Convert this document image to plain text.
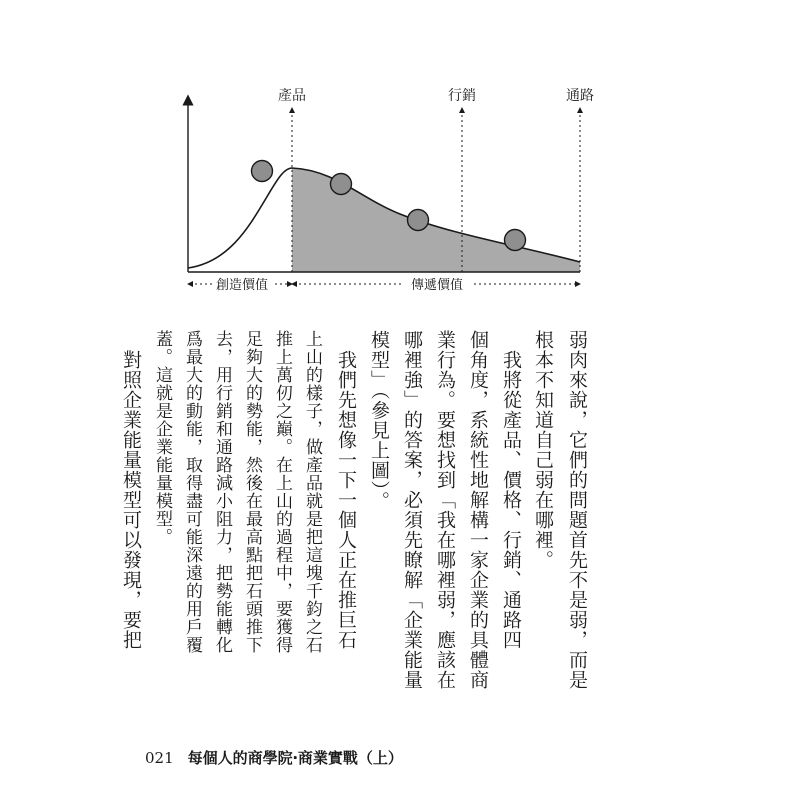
產品	行銷	通路
創造價值	傳遞價值
弱肉來說，它們的問題首先不是弱，而是
根本不知道自己弱在哪裡。
　我將從產品、價格、行銷、通路四
個角度，系統性地解構一家企業的具體商
業行為。要想找到「我在哪裡弱，應該在
哪裡強」的答案，必須先瞭解「企業能量
模型」（參見上圖）。
　我們先想像一下一個人正在推巨石
上山的樣子，做產品就是把這塊千鈞之石
推上萬仞之巔。在上山的過程中，要獲得
足夠大的勢能，然後在最高點把石頭推下
去，用行銷和通路減小阻力，把勢能轉化
爲最大的動能，取得盡可能深遠的用戶覆
蓋。這就是企業能量模型。
　對照企業能量模型可以發現，要把
021 每個人的商學院‧商業實戰（上）
